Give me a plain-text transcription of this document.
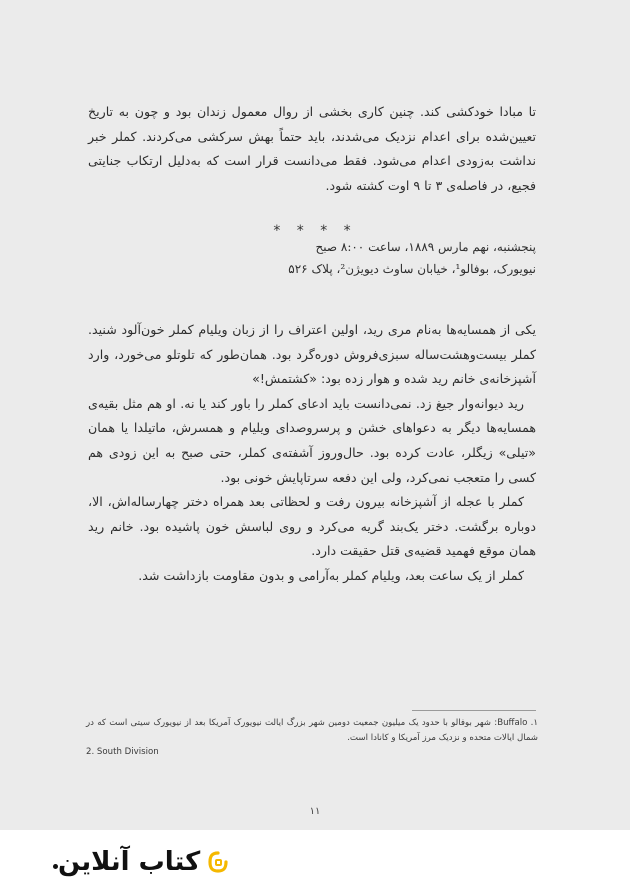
تا مبادا خودکشی کند. چنین کاری بخشی از روال معمول زندان بود و چون به تاریخ تعیین‌شده برای اعدام نزدیک می‌شدند، باید حتماً بهش سرکشی می‌کردند. کملر خبر نداشت به‌زودی اعدام می‌شود. فقط می‌دانست قرار است که به‌دلیل ارتکاب جنایتی فجیع، در فاصله‌ی ۳ تا ۹ اوت کشته شود.

* * * *
پنجشنبه، نهم مارس ۱۸۸۹، ساعت ۸:۰۰ صبح
نیویورک، بوفالو¹، خیابان ساوث دیویژن²، پلاک ۵۲۶

یکی از همسایه‌ها به‌نام مری رید، اولین اعتراف را از زبان ویلیام کملر خون‌آلود شنید. کملر بیست‌وهشت‌ساله سبزی‌فروش دوره‌گرد بود. همان‌طور که تلوتلو می‌خورد، وارد آشپزخانه‌ی خانم رید شده و هوار زده بود: «کشتمش!»

رید دیوانه‌وار جیغ زد. نمی‌دانست باید ادعای کملر را باور کند یا نه. او هم مثل بقیه‌ی همسایه‌ها دیگر به دعواهای خشن و پرسروصدای ویلیام و همسرش، ماتیلدا یا همان «تیلی» زیگلر، عادت کرده بود. حال‌وروز آشفته‌ی کملر، حتی صبح به این زودی هم کسی را متعجب نمی‌کرد، ولی این دفعه سرتاپایش خونی بود.

کملر با عجله از آشپزخانه بیرون رفت و لحظاتی بعد همراه دختر چهارساله‌اش، الا، دوباره برگشت. دختر یک‌بند گریه می‌کرد و روی لباسش خون پاشیده بود. خانم رید همان موقع فهمید قضیه‌ی قتل حقیقت دارد.

کملر از یک ساعت بعد، ویلیام کملر به‌آرامی و بدون مقاومت بازداشت شد.

۱. Buffalo: شهر بوفالو با حدود یک میلیون جمعیت دومین شهر بزرگ ایالت نیویورک آمریکا بعد از نیویورک سیتی است که در شمال ایالات متحده و نزدیک مرز آمریکا و کانادا است.

2. South Division

۱۱
کتاب آنلاین
